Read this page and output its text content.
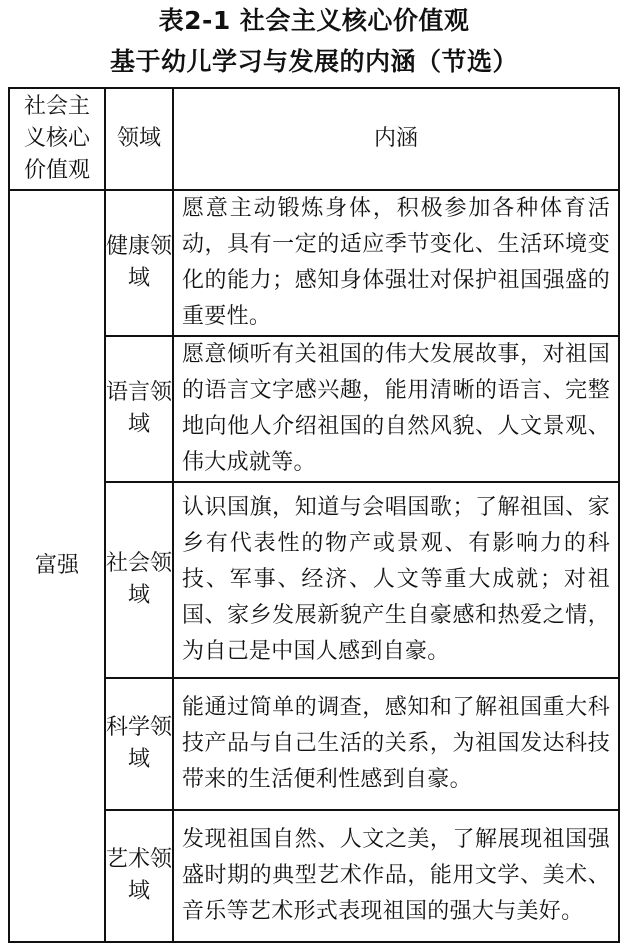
表2-1 社会主义核心价值观
基于幼儿学习与发展的内涵（节选）
社会主义核心价值观	领域	内涵
富强	健康领域	愿意主动锻炼身体，积极参加各种体育活动，具有一定的适应季节变化、生活环境变化的能力；感知身体强壮对保护祖国强盛的重要性。
	语言领域	愿意倾听有关祖国的伟大发展故事，对祖国的语言文字感兴趣，能用清晰的语言、完整地向他人介绍祖国的自然风貌、人文景观、伟大成就等。
	社会领域	认识国旗，知道与会唱国歌；了解祖国、家乡有代表性的物产或景观、有影响力的科技、军事、经济、人文等重大成就；对祖国、家乡发展新貌产生自豪感和热爱之情，为自己是中国人感到自豪。
	科学领域	能通过简单的调查，感知和了解祖国重大科技产品与自己生活的关系，为祖国发达科技带来的生活便利性感到自豪。
	艺术领域	发现祖国自然、人文之美，了解展现祖国强盛时期的典型艺术作品，能用文学、美术、音乐等艺术形式表现祖国的强大与美好。
